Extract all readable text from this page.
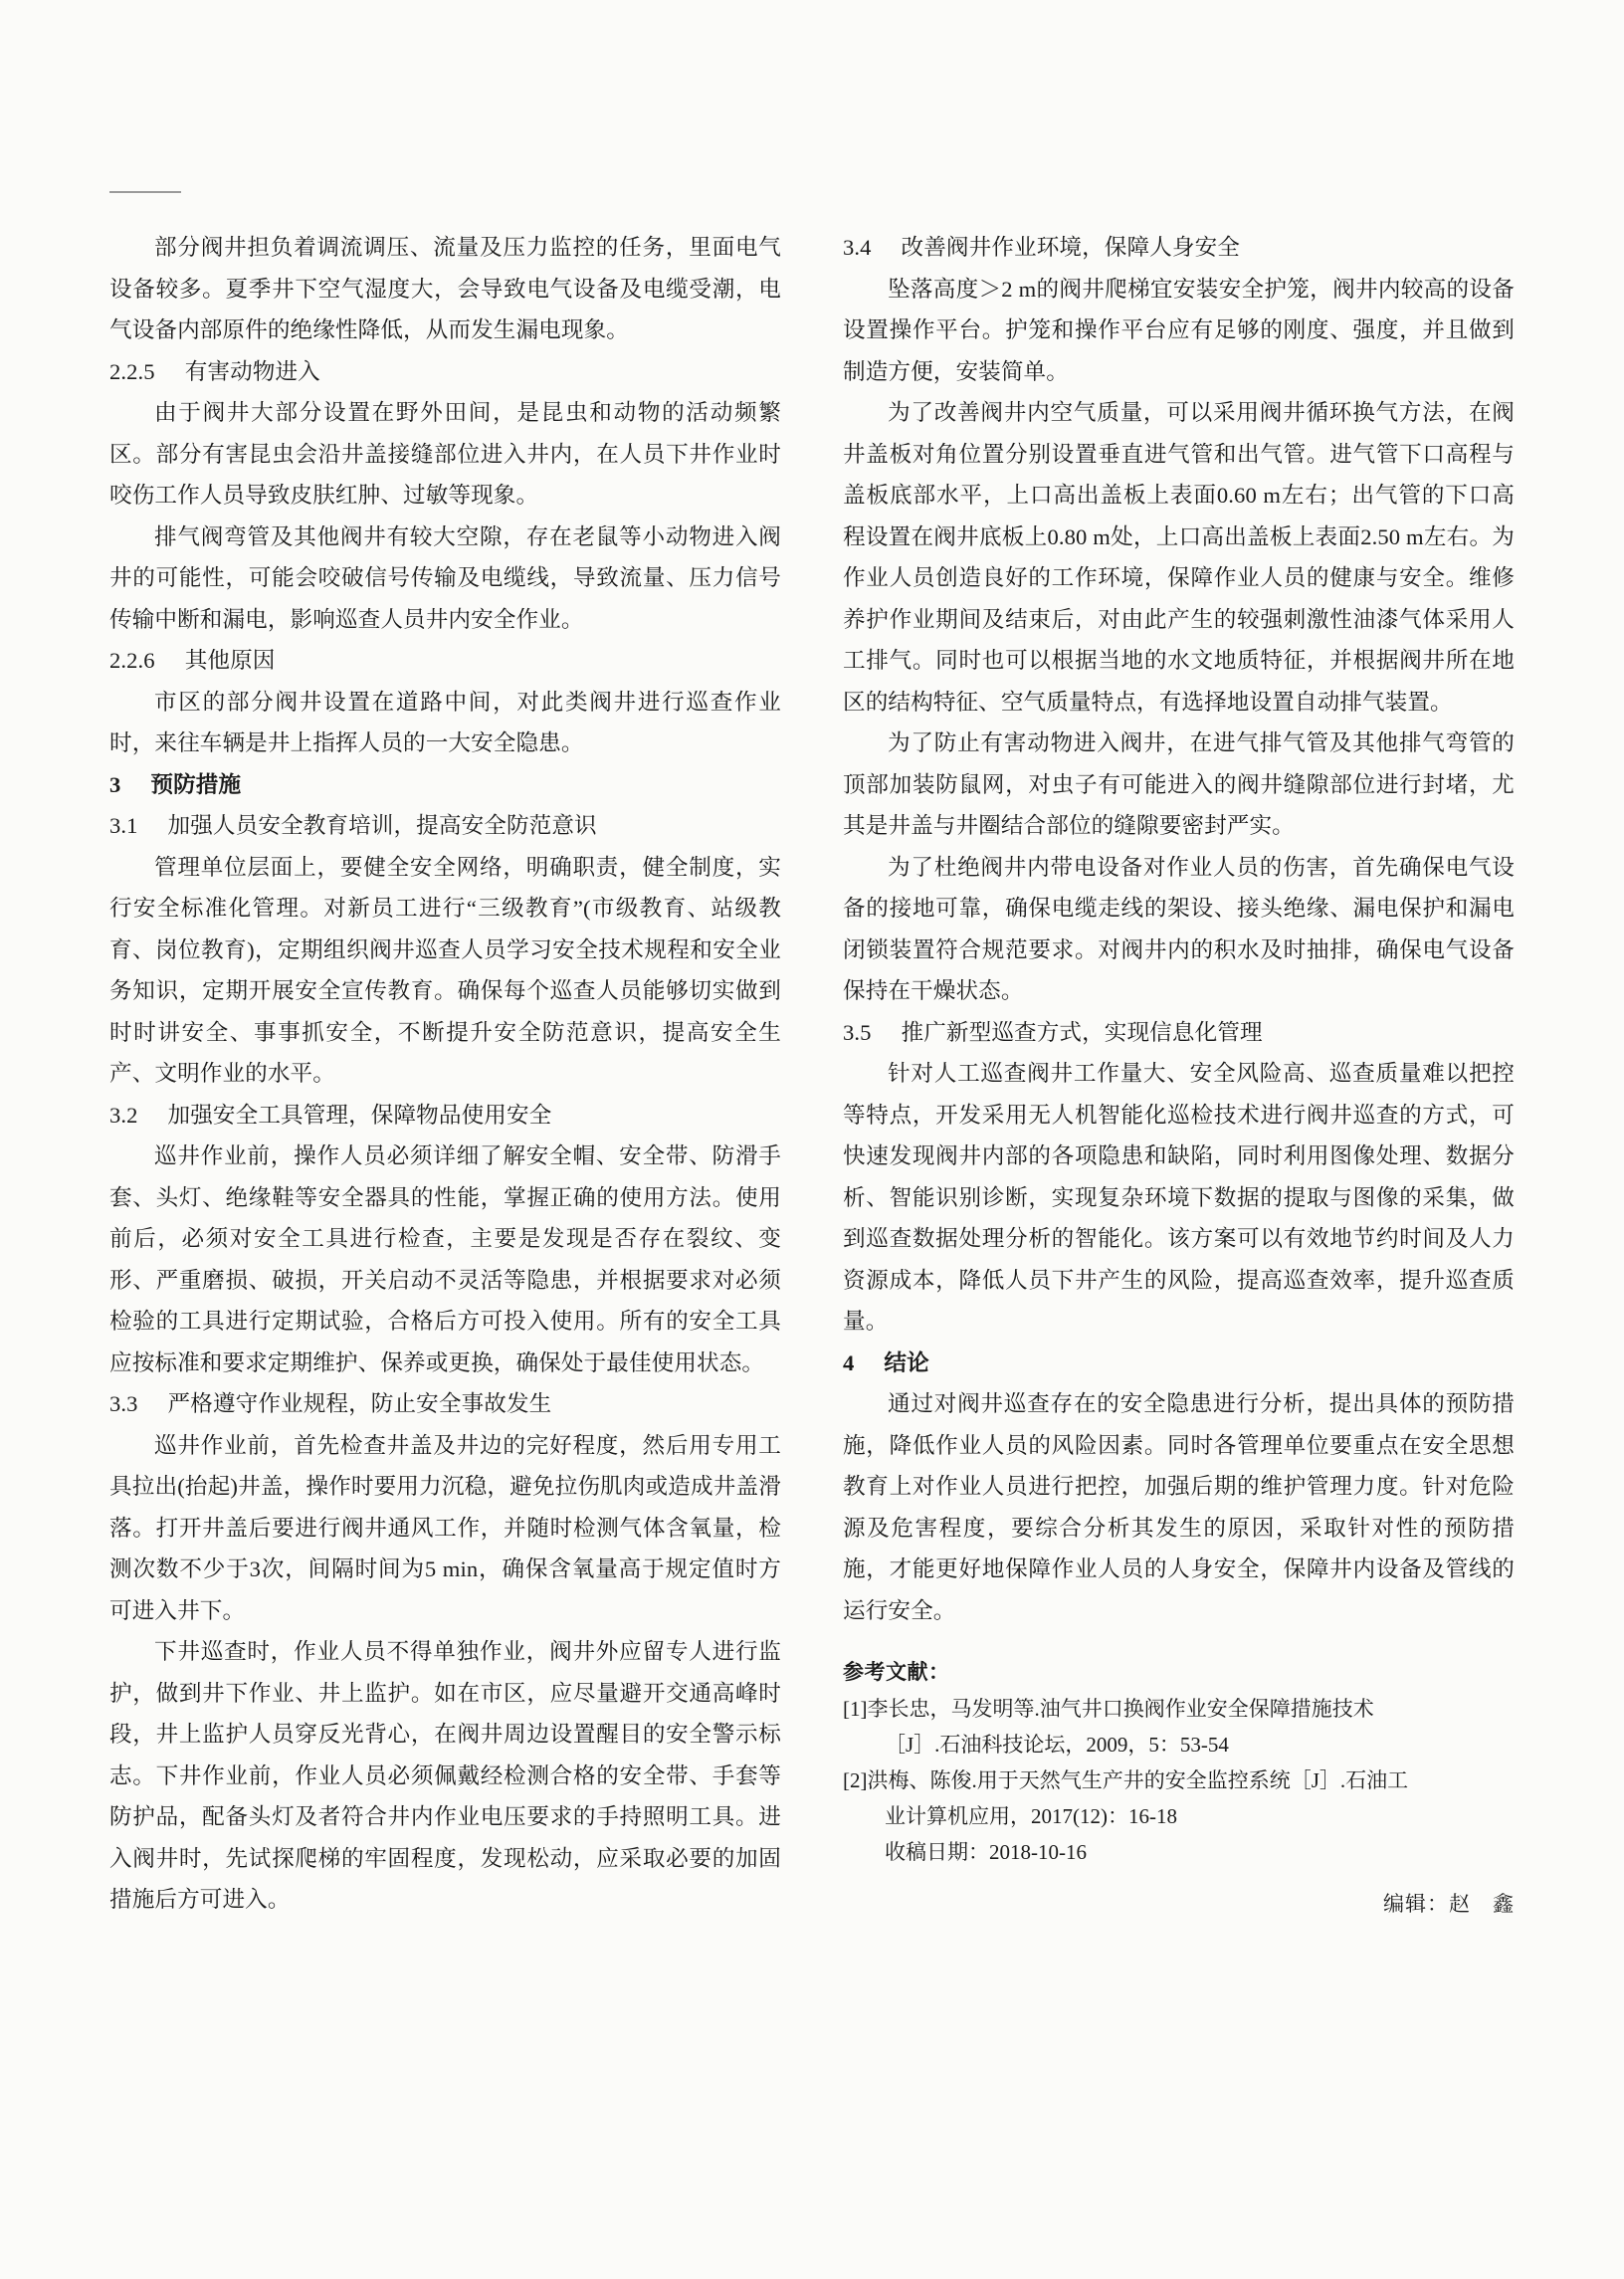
部分阀井担负着调流调压、流量及压力监控的任务，里面电气设备较多。夏季井下空气湿度大，会导致电气设备及电缆受潮，电气设备内部原件的绝缘性降低，从而发生漏电现象。

2.2.5 有害动物进入

由于阀井大部分设置在野外田间，是昆虫和动物的活动频繁区。部分有害昆虫会沿井盖接缝部位进入井内，在人员下井作业时咬伤工作人员导致皮肤红肿、过敏等现象。

排气阀弯管及其他阀井有较大空隙，存在老鼠等小动物进入阀井的可能性，可能会咬破信号传输及电缆线，导致流量、压力信号传输中断和漏电，影响巡查人员井内安全作业。

2.2.6 其他原因

市区的部分阀井设置在道路中间，对此类阀井进行巡查作业时，来往车辆是井上指挥人员的一大安全隐患。

3 预防措施
3.1 加强人员安全教育培训，提高安全防范意识

管理单位层面上，要健全安全网络，明确职责，健全制度，实行安全标准化管理。对新员工进行“三级教育”(市级教育、站级教育、岗位教育)，定期组织阀井巡查人员学习安全技术规程和安全业务知识，定期开展安全宣传教育。确保每个巡查人员能够切实做到时时讲安全、事事抓安全，不断提升安全防范意识，提高安全生产、文明作业的水平。

3.2 加强安全工具管理，保障物品使用安全

巡井作业前，操作人员必须详细了解安全帽、安全带、防滑手套、头灯、绝缘鞋等安全器具的性能，掌握正确的使用方法。使用前后，必须对安全工具进行检查，主要是发现是否存在裂纹、变形、严重磨损、破损，开关启动不灵活等隐患，并根据要求对必须检验的工具进行定期试验，合格后方可投入使用。所有的安全工具应按标准和要求定期维护、保养或更换，确保处于最佳使用状态。

3.3 严格遵守作业规程，防止安全事故发生

巡井作业前，首先检查井盖及井边的完好程度，然后用专用工具拉出(抬起)井盖，操作时要用力沉稳，避免拉伤肌肉或造成井盖滑落。打开井盖后要进行阀井通风工作，并随时检测气体含氧量，检测次数不少于3次，间隔时间为5 min，确保含氧量高于规定值时方可进入井下。

下井巡查时，作业人员不得单独作业，阀井外应留专人进行监护，做到井下作业、井上监护。如在市区，应尽量避开交通高峰时段，井上监护人员穿反光背心，在阀井周边设置醒目的安全警示标志。下井作业前，作业人员必须佩戴经检测合格的安全带、手套等防护品，配备头灯及者符合井内作业电压要求的手持照明工具。进入阀井时，先试探爬梯的牢固程度，发现松动，应采取必要的加固措施后方可进入。

3.4 改善阀井作业环境，保障人身安全

坠落高度＞2 m的阀井爬梯宜安装安全护笼，阀井内较高的设备设置操作平台。护笼和操作平台应有足够的刚度、强度，并且做到制造方便，安装简单。

为了改善阀井内空气质量，可以采用阀井循环换气方法，在阀井盖板对角位置分别设置垂直进气管和出气管。进气管下口高程与盖板底部水平，上口高出盖板上表面0.60 m左右；出气管的下口高程设置在阀井底板上0.80 m处，上口高出盖板上表面2.50 m左右。为作业人员创造良好的工作环境，保障作业人员的健康与安全。维修养护作业期间及结束后，对由此产生的较强刺激性油漆气体采用人工排气。同时也可以根据当地的水文地质特征，并根据阀井所在地区的结构特征、空气质量特点，有选择地设置自动排气装置。

为了防止有害动物进入阀井，在进气排气管及其他排气弯管的顶部加装防鼠网，对虫子有可能进入的阀井缝隙部位进行封堵，尤其是井盖与井圈结合部位的缝隙要密封严实。

为了杜绝阀井内带电设备对作业人员的伤害，首先确保电气设备的接地可靠，确保电缆走线的架设、接头绝缘、漏电保护和漏电闭锁装置符合规范要求。对阀井内的积水及时抽排，确保电气设备保持在干燥状态。

3.5 推广新型巡查方式，实现信息化管理

针对人工巡查阀井工作量大、安全风险高、巡查质量难以把控等特点，开发采用无人机智能化巡检技术进行阀井巡查的方式，可快速发现阀井内部的各项隐患和缺陷，同时利用图像处理、数据分析、智能识别诊断，实现复杂环境下数据的提取与图像的采集，做到巡查数据处理分析的智能化。该方案可以有效地节约时间及人力资源成本，降低人员下井产生的风险，提高巡查效率，提升巡查质量。

4 结论

通过对阀井巡查存在的安全隐患进行分析，提出具体的预防措施，降低作业人员的风险因素。同时各管理单位要重点在安全思想教育上对作业人员进行把控，加强后期的维护管理力度。针对危险源及危害程度，要综合分析其发生的原因，采取针对性的预防措施，才能更好地保障作业人员的人身安全，保障井内设备及管线的运行安全。

参考文献：
[1]李长忠，马发明等.油气井口换阀作业安全保障措施技术
［J］.石油科技论坛，2009，5：53-54
[2]洪梅、陈俊.用于天然气生产井的安全监控系统［J］.石油工
业计算机应用，2017(12)：16-18
收稿日期：2018-10-16
编辑：赵　鑫
